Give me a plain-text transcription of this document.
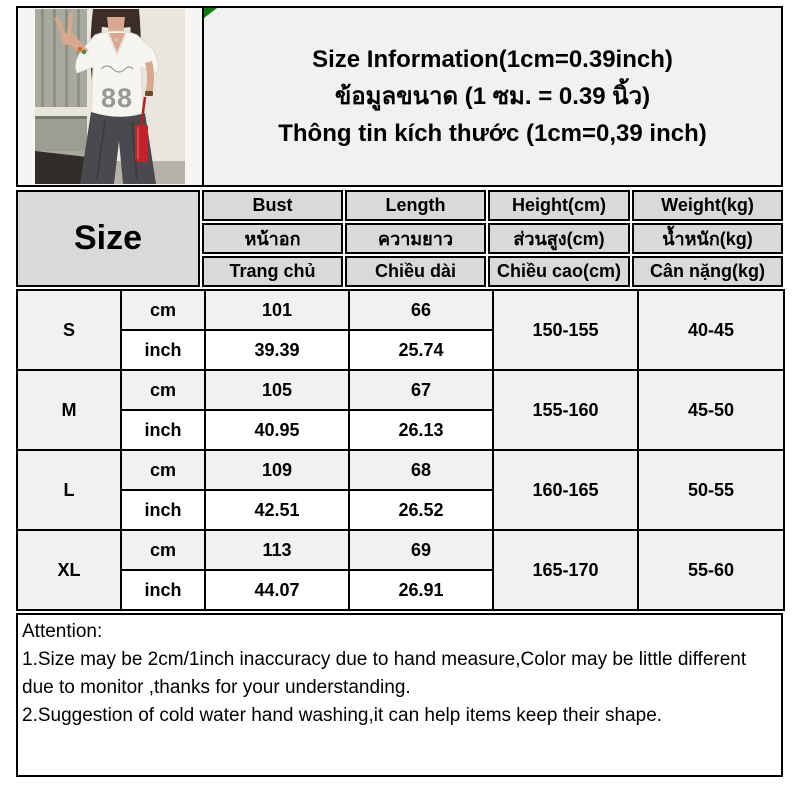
88
Size Information(1cm=0.39inch)
ข้อมูลขนาด (1 ซม. = 0.39 นิ้ว)
Thông tin kích thước (1cm=0,39 inch)
Size
Bust	Length	Height(cm)	Weight(kg)
หน้าอก	ความยาว	ส่วนสูง(cm)	น้ำหนัก(kg)
Trang chủ	Chiều dài	Chiều cao(cm)	Cân nặng(kg)
S	cm	101	66	150-155	40-45
	inch	39.39	25.74		
M	cm	105	67	155-160	45-50
	inch	40.95	26.13		
L	cm	109	68	160-165	50-55
	inch	42.51	26.52		
XL	cm	113	69	165-170	55-60
	inch	44.07	26.91		
Attention:
1.Size may be 2cm/1inch inaccuracy due to hand measure,Color may be little different due to monitor ,thanks for your understanding.
2.Suggestion of cold water hand washing,it can help items keep their shape.
